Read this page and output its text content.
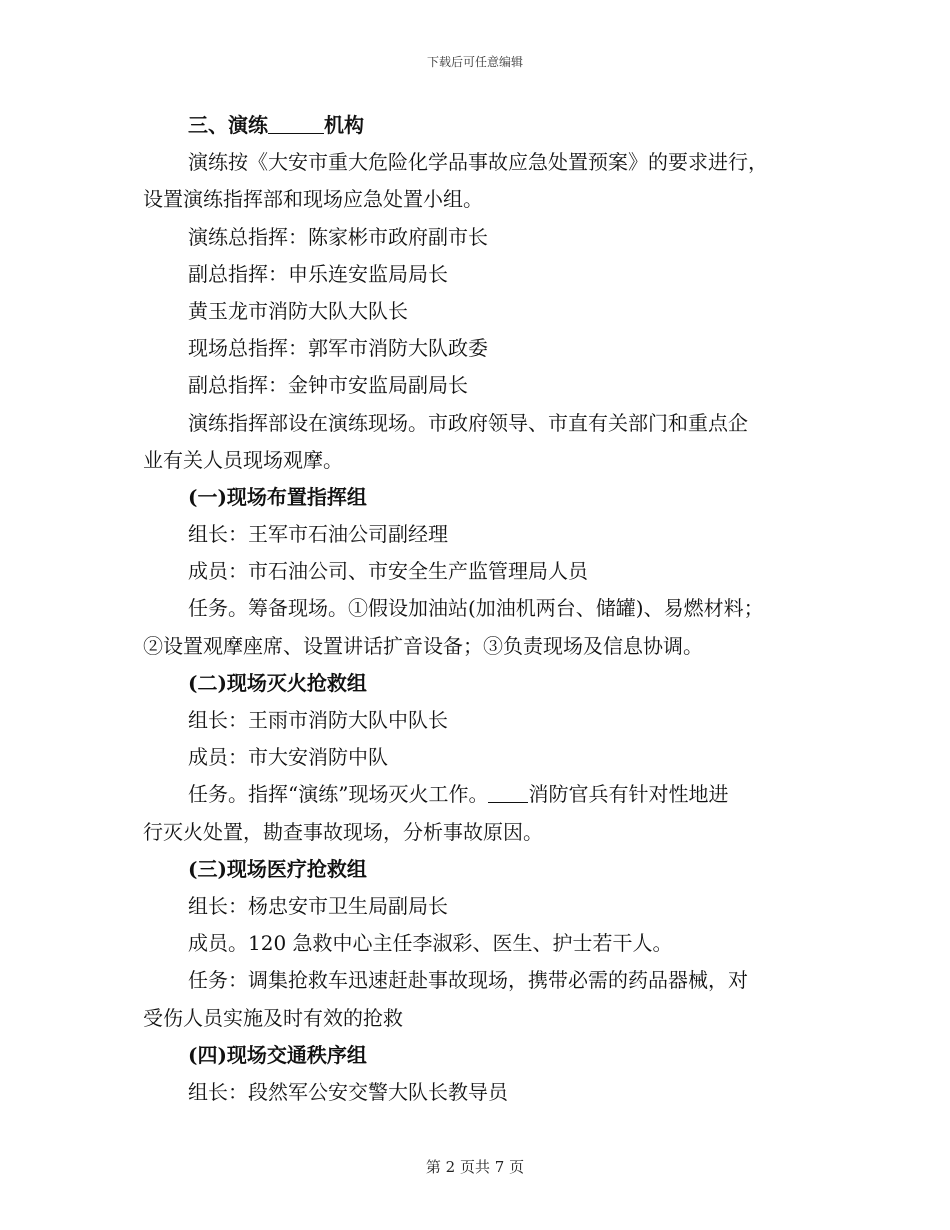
下载后可任意编辑
三、演练	机构
演练按《大安市重大危险化学品事故应急处置预案》的要求进行，
设置演练指挥部和现场应急处置小组。
演练总指挥：陈家彬市政府副市长
副总指挥：申乐连安监局局长
黄玉龙市消防大队大队长
现场总指挥：郭军市消防大队政委
副总指挥：金钟市安监局副局长
演练指挥部设在演练现场。市政府领导、市直有关部门和重点企
业有关人员现场观摩。
(一)现场布置指挥组
组长：王军市石油公司副经理
成员：市石油公司、市安全生产监管理局人员
任务。筹备现场。①假设加油站(加油机两台、储罐)、易燃材料；
②设置观摩座席、设置讲话扩音设备；③负责现场及信息协调。
(二)现场灭火抢救组
组长：王雨市消防大队中队长
成员：市大安消防中队
任务。指挥“演练”现场灭火工作。 消防官兵有针对性地进
行灭火处置，勘查事故现场，分析事故原因。
(三)现场医疗抢救组
组长：杨忠安市卫生局副局长
成员。120 急救中心主任李淑彩、医生、护士若干人。
任务：调集抢救车迅速赶赴事故现场，携带必需的药品器械，对
受伤人员实施及时有效的抢救
(四)现场交通秩序组
组长：段然军公安交警大队长教导员
第 2 页共 7 页
